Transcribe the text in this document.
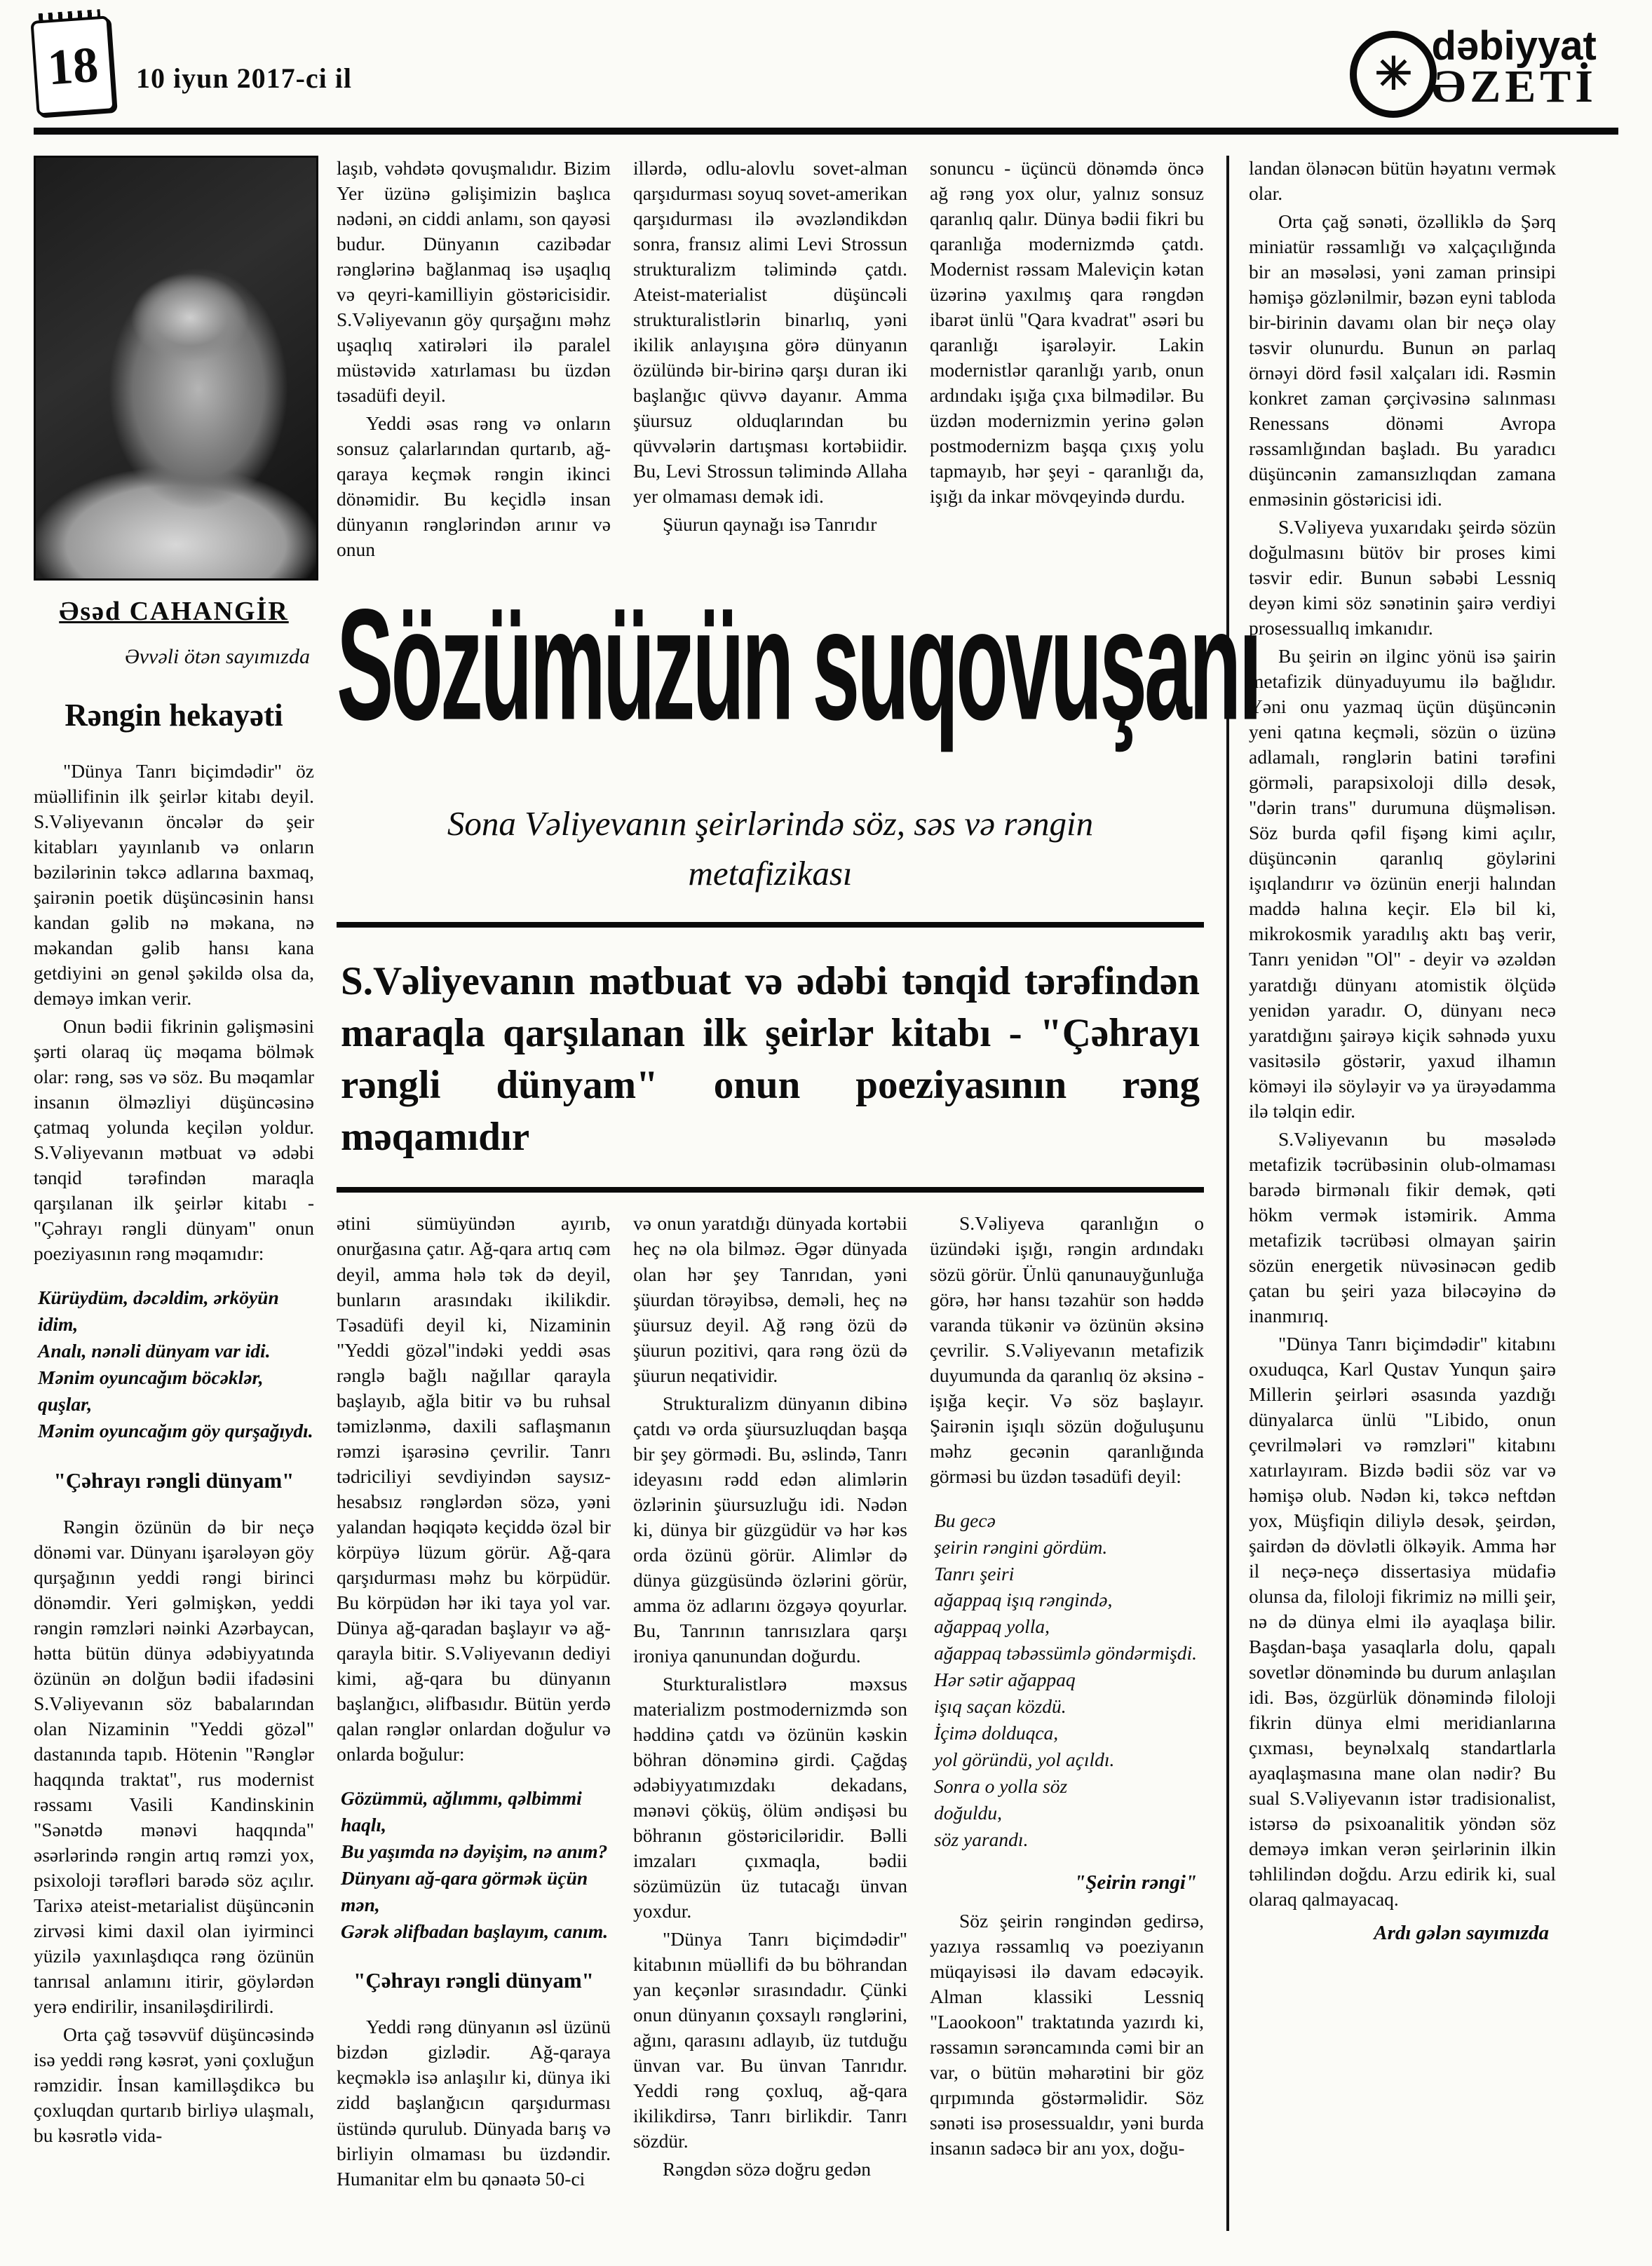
18 10 iyun 2017-ci il	✳
dəbiyyat
ƏZETİ
Əsəd CAHANGİR
Əvvəli ötən sayımızda
Rəngin hekayəti
"Dünya Tanrı biçimdədir" öz müəllifinin ilk şeirlər kitabı deyil. S.Vəliyevanın öncələr də şeir kitabları yayınlanıb və onların bəzilərinin təkcə adlarına baxmaq, şairənin poetik düşüncəsinin hansı kandan gəlib nə məkana, nə məkandan gəlib hansı kana getdiyini ən genəl şəkildə olsa da, deməyə imkan verir.
Onun bədii fikrinin gəlişməsini şərti olaraq üç məqama bölmək olar: rəng, səs və söz. Bu məqamlar insanın ölməzliyi düşüncəsinə çatmaq yolunda keçilən yoldur. S.Vəliyevanın mətbuat və ədəbi tənqid tərəfindən maraqla qarşılanan ilk şeirlər kitabı - "Çəhrayı rəngli dünyam" onun poeziyasının rəng məqamıdır:
Kürüydüm, dəcəldim, ərköyün idim,
Analı, nənəli dünyam var idi.
Mənim oyuncağım böcəklər, quşlar,
Mənim oyuncağım göy qurşağıydı.
"Çəhrayı rəngli dünyam"
Rəngin özünün də bir neçə dönəmi var. Dünyanı işarələyən göy qurşağının yeddi rəngi birinci dönəmdir. Yeri gəlmişkən, yeddi rəngin rəmzləri nəinki Azərbaycan, hətta bütün dünya ədəbiyyatında özünün ən dolğun bədii ifadəsini S.Vəliyevanın söz babalarından olan Nizaminin "Yeddi gözəl" dastanında tapıb. Hötenin "Rənglər haqqında traktat", rus modernist rəssamı Vasili Kandinskinin "Sənətdə mənəvi haqqında" əsərlərində rəngin artıq rəmzi yox, psixoloji tərəfləri barədə söz açılır. Tarixə ateist-metarialist düşüncənin zirvəsi kimi daxil olan iyirminci yüzilə yaxınlaşdıqca rəng özünün tanrısal anlamını itirir, göylərdən yerə endirilir, insaniləşdirilirdi.
Orta çağ təsəvvüf düşüncəsində isə yeddi rəng kəsrət, yəni çoxluğun rəmzidir. İnsan kamilləşdikcə bu çoxluqdan qurtarıb birliyə ulaşmalı, bu kəsrətlə vida-
laşıb, vəhdətə qovuşmalıdır. Bizim Yer üzünə gəlişimizin başlıca nədəni, ən ciddi anlamı, son qayəsi budur. Dünyanın cazibədar rənglərinə bağlanmaq isə uşaqlıq və qeyri-kamilliyin göstəricisidir. S.Vəliyevanın göy qurşağını məhz uşaqlıq xatirələri ilə paralel müstəvidə xatırlaması bu üzdən təsadüfi deyil.
Yeddi əsas rəng və onların sonsuz çalarlarından qurtarıb, ağ-qaraya keçmək rəngin ikinci dönəmidir. Bu keçidlə insan dünyanın rənglərindən arınır və onun
illərdə, odlu-alovlu sovet-alman qarşıdurması soyuq sovet-amerikan qarşıdurması ilə əvəzləndikdən sonra, fransız alimi Levi Strossun strukturalizm təlimində çatdı. Ateist-materialist düşüncəli strukturalistlərin binarlıq, yəni ikilik anlayışına görə dünyanın özülündə bir-birinə qarşı duran iki başlanğıc qüvvə dayanır. Amma şüursuz olduqlarından bu qüvvələrin dartışması kortəbiidir. Bu, Levi Strossun təlimində Allaha yer olmaması demək idi.
Şüurun qaynağı isə Tanrıdır
sonuncu - üçüncü dönəmdə öncə ağ rəng yox olur, yalnız sonsuz qaranlıq qalır. Dünya bədii fikri bu qaranlığa modernizmdə çatdı. Modernist rəssam Maleviçin kətan üzərinə yaxılmış qara rəngdən ibarət ünlü "Qara kvadrat" əsəri bu qaranlığı işarələyir. Lakin modernistlər qaranlığı yarıb, onun ardındakı işığa çıxa bilmədilər. Bu üzdən modernizmin yerinə gələn postmodernizm başqa çıxış yolu tapmayıb, hər şeyi - qaranlığı da, işığı da inkar mövqeyində durdu.
Sözümüzün suqovuşanı
Sona Vəliyevanın şeirlərində söz, səs və rəngin metafizikası
S.Vəliyevanın mətbuat və ədəbi tənqid tərəfindən maraqla qarşılanan ilk şeirlər kitabı - "Çəhrayı rəngli dünyam" onun poeziyasının rəng məqamıdır
ətini sümüyündən ayırıb, onurğasına çatır. Ağ-qara artıq cəm deyil, amma hələ tək də deyil, bunların arasındakı ikilikdir. Təsadüfi deyil ki, Nizaminin "Yeddi gözəl"indəki yeddi əsas rənglə bağlı nağıllar qarayla başlayıb, ağla bitir və bu ruhsal təmizlənmə, daxili saflaşmanın rəmzi işarəsinə çevrilir. Tanrı tədriciliyi sevdiyindən saysız-hesabsız rənglərdən sözə, yəni yalandan həqiqətə keçiddə özəl bir körpüyə lüzum görür. Ağ-qara qarşıdurması məhz bu körpüdür. Bu körpüdən hər iki taya yol var. Dünya ağ-qaradan başlayır və ağ-qarayla bitir. S.Vəliyevanın dediyi kimi, ağ-qara bu dünyanın başlanğıcı, əlifbasıdır. Bütün yerdə qalan rənglər onlardan doğulur və onlarda boğulur:
Gözümmü, ağlımmı, qəlbimmi haqlı,
Bu yaşımda nə dəyişim, nə anım?
Dünyanı ağ-qara görmək üçün mən,
Gərək əlifbadan başlayım, canım.
"Çəhrayı rəngli dünyam"
Yeddi rəng dünyanın əsl üzünü bizdən gizlədir. Ağ-qaraya keçməklə isə anlaşılır ki, dünya iki zidd başlanğıcın qarşıdurması üstündə qurulub. Dünyada barış və birliyin olmaması bu üzdəndir. Humanitar elm bu qənaətə 50-ci
və onun yaratdığı dünyada kortəbii heç nə ola bilməz. Əgər dünyada olan hər şey Tanrıdan, yəni şüurdan törəyibsə, deməli, heç nə şüursuz deyil. Ağ rəng özü də şüurun pozitivi, qara rəng özü də şüurun neqatividir.
Strukturalizm dünyanın dibinə çatdı və orda şüursuzluqdan başqa bir şey görmədi. Bu, əslində, Tanrı ideyasını rədd edən alimlərin özlərinin şüursuzluğu idi. Nədən ki, dünya bir güzgüdür və hər kəs orda özünü görür. Alimlər də dünya güzgüsündə özlərini görür, amma öz adlarını özgəyə qoyurlar. Bu, Tanrının tanrısızlara qarşı ironiya qanunundan doğurdu.
Sturkturalistlərə məxsus materializm postmodernizmdə son həddinə çatdı və özünün kəskin böhran dönəminə girdi. Çağdaş ədəbiyyatımızdakı dekadans, mənəvi çöküş, ölüm əndişəsi bu böhranın göstəriciləridir. Bəlli imzaları çıxmaqla, bədii sözümüzün üz tutacağı ünvan yoxdur.
"Dünya Tanrı biçimdədir" kitabının müəllifi də bu böhrandan yan keçənlər sırasındadır. Çünki onun dünyanın çoxsaylı rənglərini, ağını, qarasını adlayıb, üz tutduğu ünvan var. Bu ünvan Tanrıdır. Yeddi rəng çoxluq, ağ-qara ikilikdirsə, Tanrı birlikdir. Tanrı sözdür.
Rəngdən sözə doğru gedən
S.Vəliyeva qaranlığın o üzündəki işığı, rəngin ardındakı sözü görür. Ünlü qanunauyğunluğa görə, hər hansı təzahür son həddə varanda tükənir və özünün əksinə çevrilir. S.Vəliyevanın metafizik duyumunda da qaranlıq öz əksinə - işığa keçir. Və söz başlayır. Şairənin işıqlı sözün doğuluşunu məhz gecənin qaranlığında görməsi bu üzdən təsadüfi deyil:
Bu gecə
şeirin rəngini gördüm.
Tanrı şeiri
ağappaq işıq rəngində,
ağappaq yolla,
ağappaq təbəssümlə göndərmişdi.
Hər sətir ağappaq
işıq saçan közdü.
İçimə dolduqca,
yol göründü, yol açıldı.
Sonra o yolla söz
doğuldu,
söz yarandı.
"Şeirin rəngi"
Söz şeirin rəngindən gedirsə, yazıya rəssamlıq və poeziyanın müqayisəsi ilə davam edəcəyik. Alman klassiki Lessniq "Laookoon" traktatında yazırdı ki, rəssamın sərəncamında cəmi bir an var, o bütün məharətini bir göz qırpımında göstərməlidir. Söz sənəti isə prosessualdır, yəni burda insanın sadəcə bir anı yox, doğu-
landan ölənəcən bütün həyatını vermək olar.
Orta çağ sənəti, özəlliklə də Şərq miniatür rəssamlığı və xalçaçılığında bir an məsələsi, yəni zaman prinsipi həmişə gözlənilmir, bəzən eyni tabloda bir-birinin davamı olan bir neçə olay təsvir olunurdu. Bunun ən parlaq örnəyi dörd fəsil xalçaları idi. Rəsmin konkret zaman çərçivəsinə salınması Renessans dönəmi Avropa rəssamlığından başladı. Bu yaradıcı düşüncənin zamansızlıqdan zamana enməsinin göstəricisi idi.
S.Vəliyeva yuxarıdakı şeirdə sözün doğulmasını bütöv bir proses kimi təsvir edir. Bunun səbəbi Lessniq deyən kimi söz sənətinin şairə verdiyi prosessuallıq imkanıdır.
Bu şeirin ən ilginc yönü isə şairin metafizik dünyaduyumu ilə bağlıdır. Yəni onu yazmaq üçün düşüncənin yeni qatına keçməli, sözün o üzünə adlamalı, rənglərin batini tərəfini görməli, parapsixoloji dillə desək, "dərin trans" durumuna düşməlisən. Söz burda qəfil fişəng kimi açılır, düşüncənin qaranlıq göylərini işıqlandırır və özünün enerji halından maddə halına keçir. Elə bil ki, mikrokosmik yaradılış aktı baş verir, Tanrı yenidən "Ol" - deyir və əzəldən yaratdığı dünyanı atomistik ölçüdə yenidən yaradır. O, dünyanı necə yaratdığını şairəyə kiçik səhnədə yuxu vasitəsilə göstərir, yaxud ilhamın köməyi ilə söyləyir və ya ürəyədamma ilə təlqin edir.
S.Vəliyevanın bu məsələdə metafizik təcrübəsinin olub-olmaması barədə birmənalı fikir demək, qəti hökm vermək istəmirik. Amma metafizik təcrübəsi olmayan şairin sözün energetik nüvəsinəcən gedib çatan bu şeiri yaza biləcəyinə də inanmırıq.
"Dünya Tanrı biçimdədir" kitabını oxuduqca, Karl Qustav Yunqun şairə Millerin şeirləri əsasında yazdığı dünyalarca ünlü "Libido, onun çevrilmələri və rəmzləri" kitabını xatırlayıram. Bizdə bədii söz var və həmişə olub. Nədən ki, təkcə neftdən yox, Müşfiqin diliylə desək, şeirdən, şairdən də dövlətli ölkəyik. Amma hər il neçə-neçə dissertasiya müdafiə olunsa da, filoloji fikrimiz nə milli şeir, nə də dünya elmi ilə ayaqlaşa bilir. Başdan-başa yasaqlarla dolu, qapalı sovetlər dönəmində bu durum anlaşılan idi. Bəs, özgürlük dönəmində filoloji fikrin dünya elmi meridianlarına çıxması, beynəlxalq standartlarla ayaqlaşmasına mane olan nədir? Bu sual S.Vəliyevanın istər tradisionalist, istərsə də psixoanalitik yöndən söz deməyə imkan verən şeirlərinin ilkin təhlilindən doğdu. Arzu edirik ki, sual olaraq qalmayacaq.
Ardı gələn sayımızda
